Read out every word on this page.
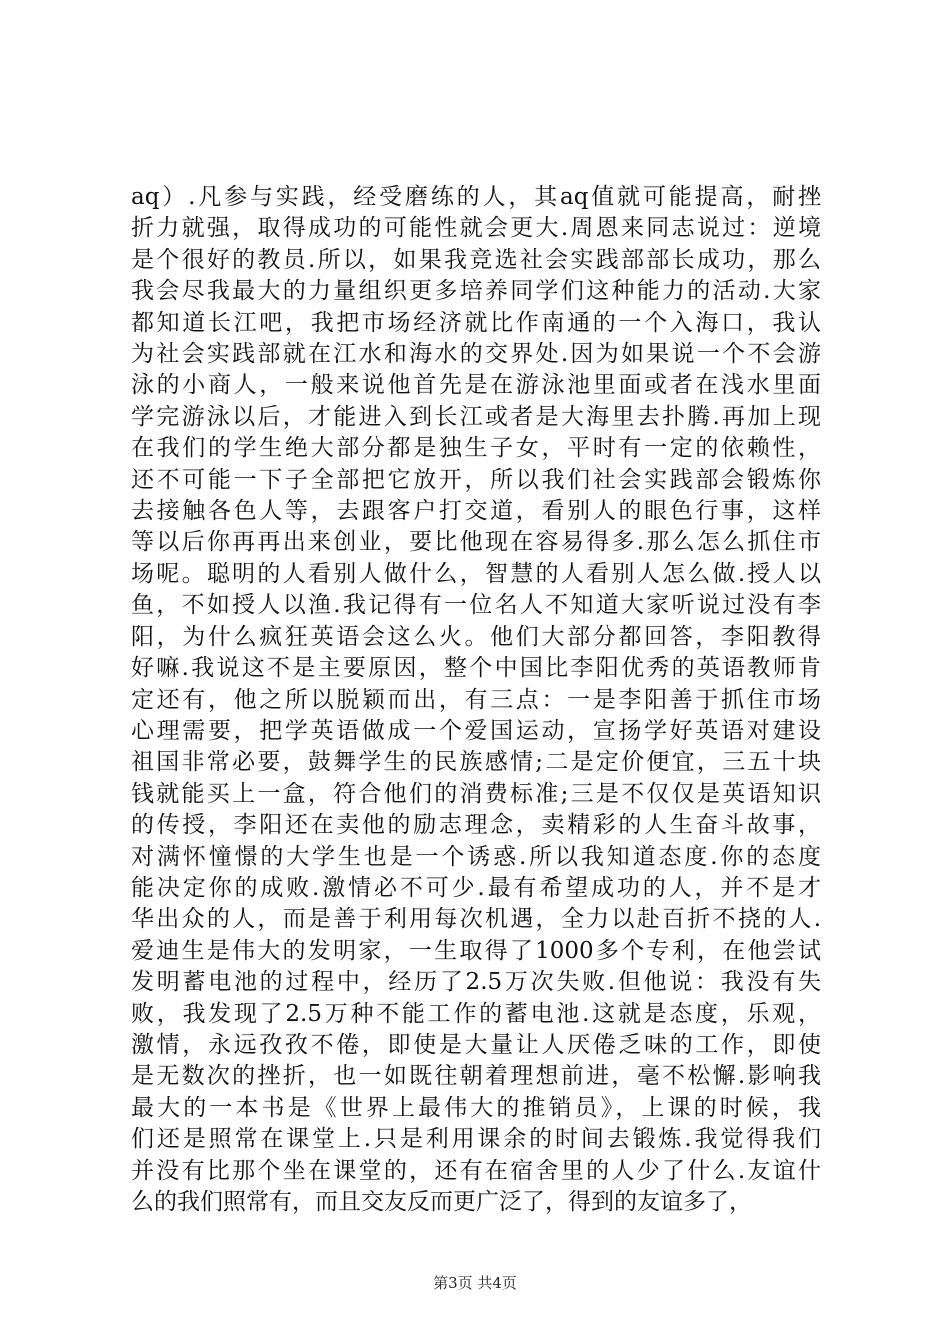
aq）.凡参与实践，经受磨练的人，其aq值就可能提高，耐挫
折力就强，取得成功的可能性就会更大.周恩来同志说过：逆境
是个很好的教员.所以，如果我竞选社会实践部部长成功，那么
我会尽我最大的力量组织更多培养同学们这种能力的活动.大家
都知道长江吧，我把市场经济就比作南通的一个入海口，我认
为社会实践部就在江水和海水的交界处.因为如果说一个不会游
泳的小商人，一般来说他首先是在游泳池里面或者在浅水里面
学完游泳以后，才能进入到长江或者是大海里去扑腾.再加上现
在我们的学生绝大部分都是独生子女，平时有一定的依赖性，
还不可能一下子全部把它放开，所以我们社会实践部会锻炼你
去接触各色人等，去跟客户打交道，看别人的眼色行事，这样
等以后你再再出来创业，要比他现在容易得多.那么怎么抓住市
场呢。聪明的人看别人做什么，智慧的人看别人怎么做.授人以
鱼，不如授人以渔.我记得有一位名人不知道大家听说过没有李
阳，为什么疯狂英语会这么火。他们大部分都回答，李阳教得
好嘛.我说这不是主要原因，整个中国比李阳优秀的英语教师肯
定还有，他之所以脱颖而出，有三点：一是李阳善于抓住市场
心理需要，把学英语做成一个爱国运动，宣扬学好英语对建设
祖国非常必要，鼓舞学生的民族感情;二是定价便宜，三五十块
钱就能买上一盒，符合他们的消费标准;三是不仅仅是英语知识
的传授，李阳还在卖他的励志理念，卖精彩的人生奋斗故事，
对满怀憧憬的大学生也是一个诱惑.所以我知道态度.你的态度
能决定你的成败.激情必不可少.最有希望成功的人，并不是才
华出众的人，而是善于利用每次机遇，全力以赴百折不挠的人.
爱迪生是伟大的发明家，一生取得了1000多个专利，在他尝试
发明蓄电池的过程中，经历了2.5万次失败.但他说：我没有失
败，我发现了2.5万种不能工作的蓄电池.这就是态度，乐观，
激情，永远孜孜不倦，即使是大量让人厌倦乏味的工作，即使
是无数次的挫折，也一如既往朝着理想前进，毫不松懈.影响我
最大的一本书是《世界上最伟大的推销员》，上课的时候，我
们还是照常在课堂上.只是利用课余的时间去锻炼.我觉得我们
并没有比那个坐在课堂的，还有在宿舍里的人少了什么.友谊什
么的我们照常有，而且交友反而更广泛了，得到的友谊多了，
第3页 共4页
